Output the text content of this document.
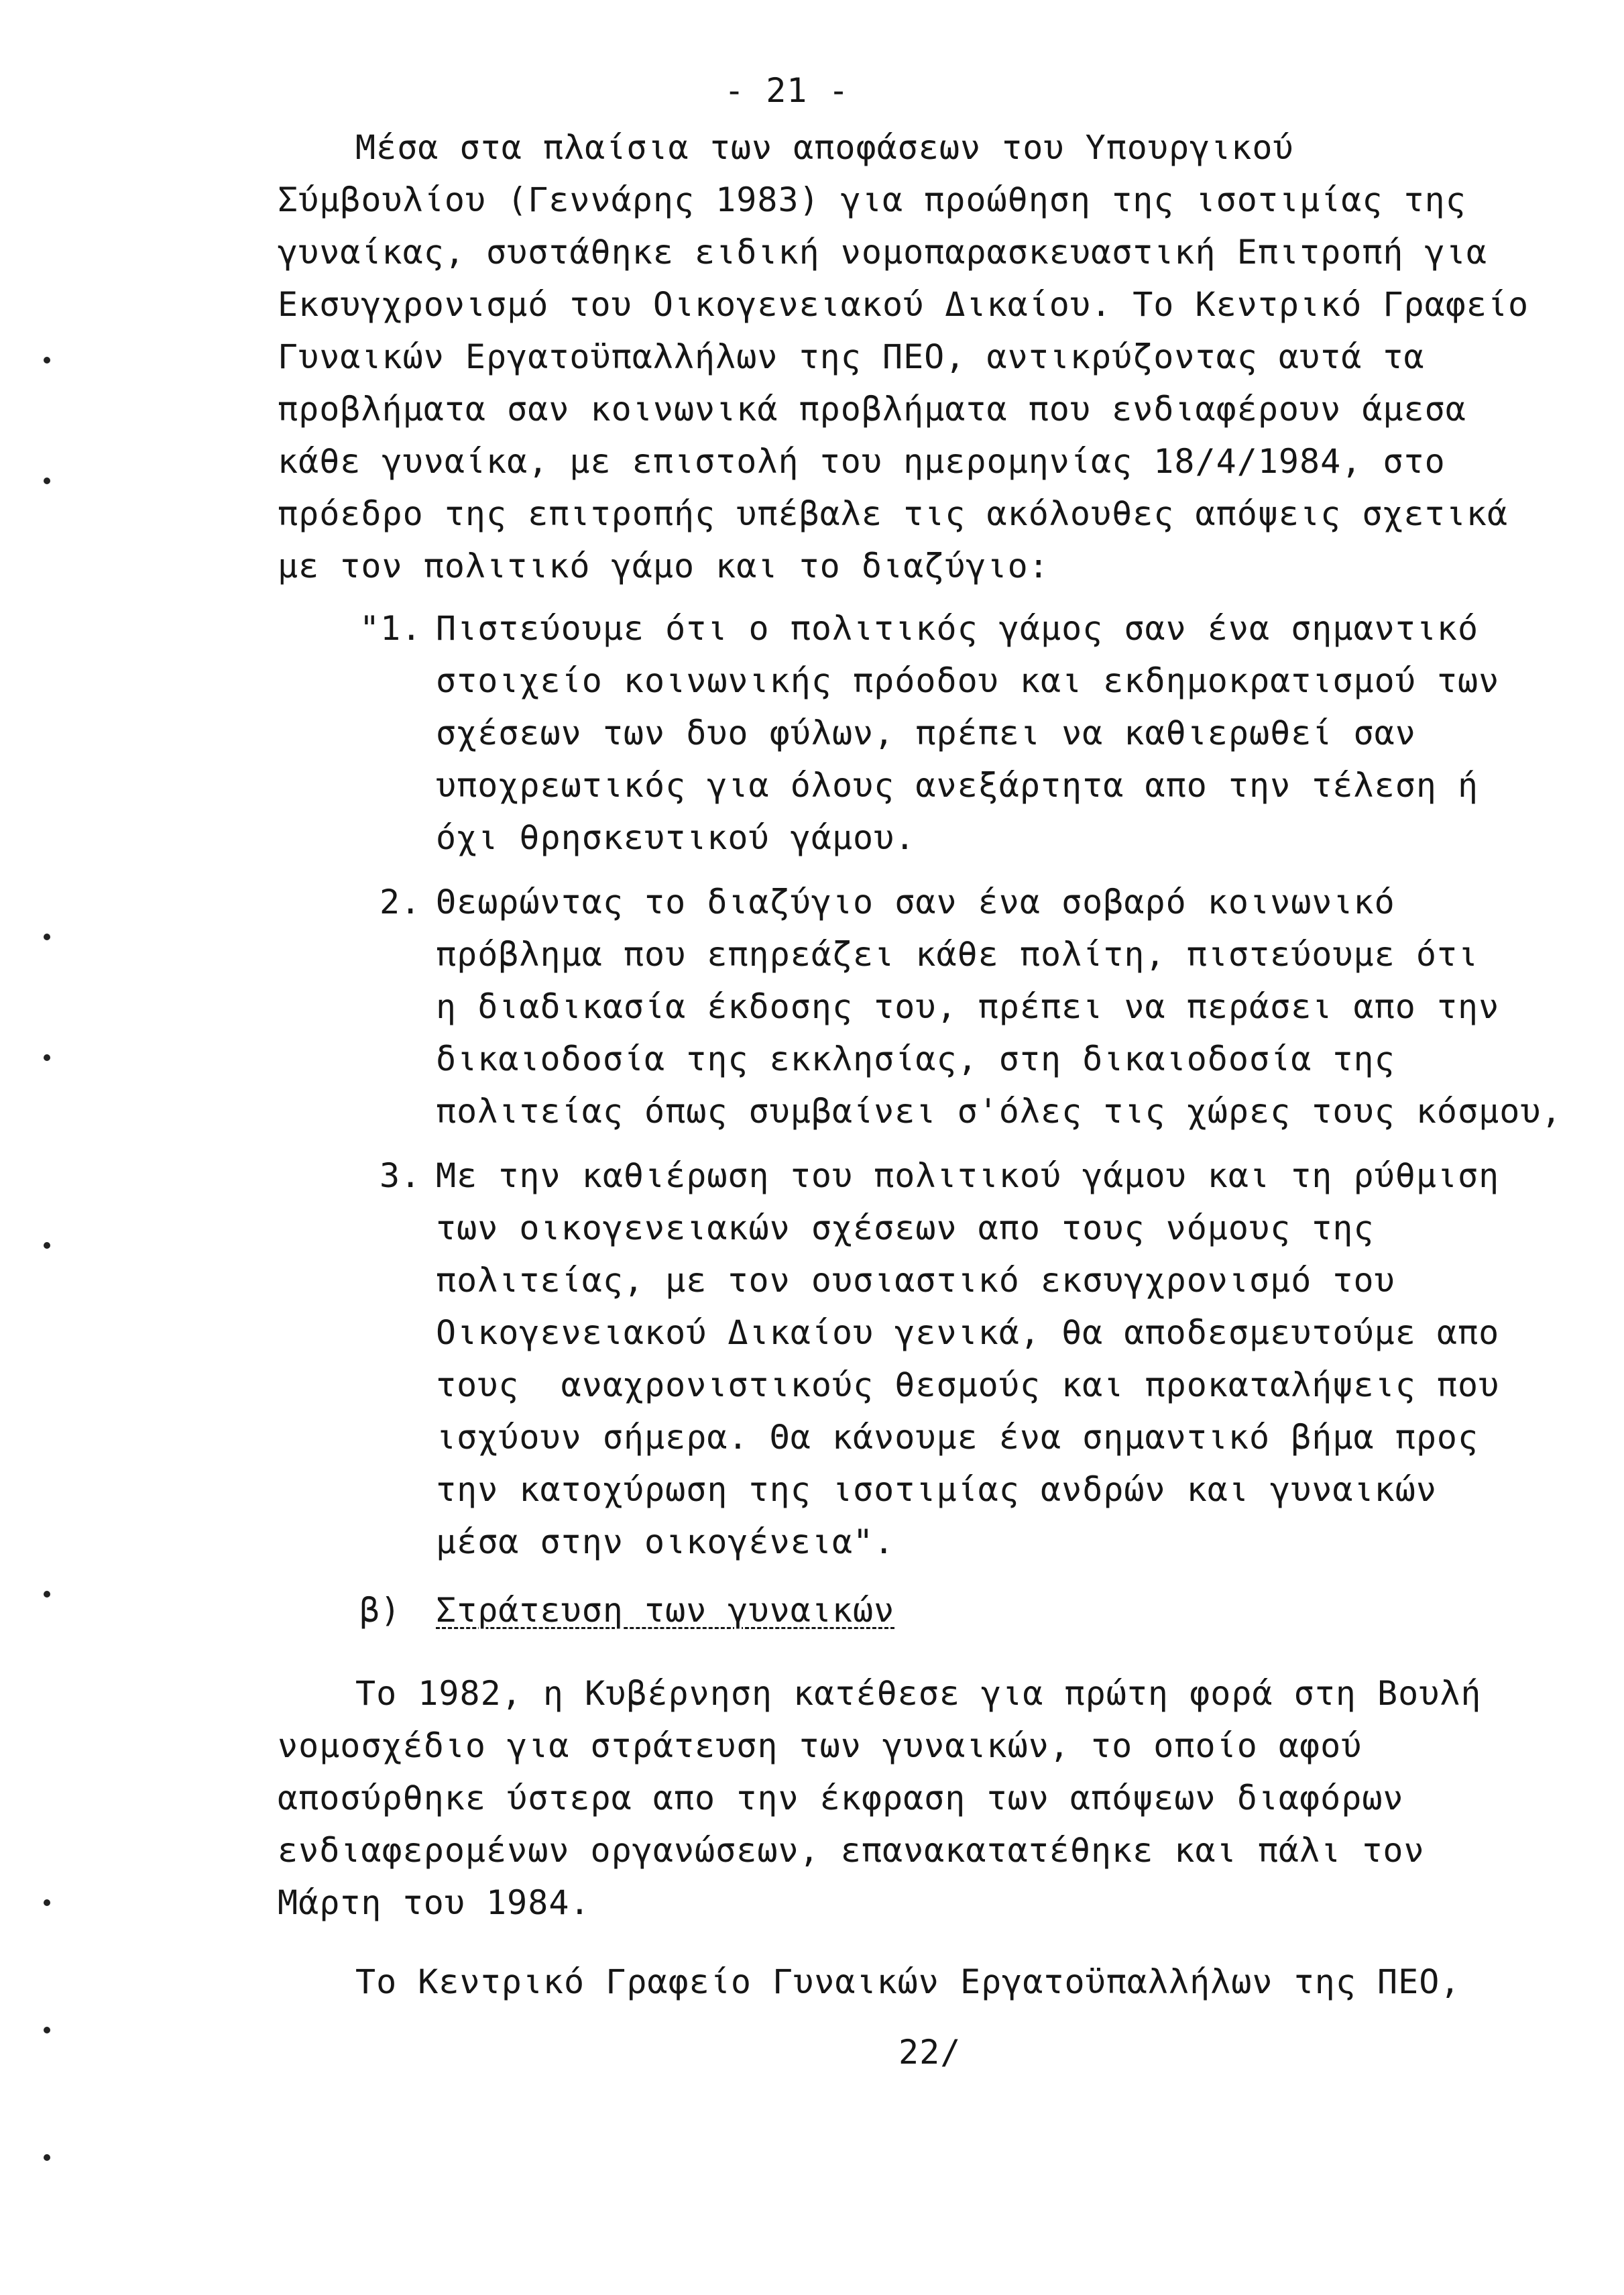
- 21 -
Μέσα στα πλαίσια των αποφάσεων του Υπουργικού
Σύμβουλίου (Γεννάρης 1983) για προώθηση της ισοτιμίας της
γυναίκας, συστάθηκε ειδική νομοπαρασκευαστική Επιτροπή για
Εκσυγχρονισμό του Οικογενειακού Δικαίου. Το Κεντρικό Γραφείο
Γυναικών Εργατοϋπαλλήλων της ΠΕΟ, αντικρύζοντας αυτά τα
προβλήματα σαν κοινωνικά προβλήματα που ενδιαφέρουν άμεσα
κάθε γυναίκα, με επιστολή του ημερομηνίας 18/4/1984, στο
πρόεδρο της επιτροπής υπέβαλε τις ακόλουθες απόψεις σχετικά
με τον πολιτικό γάμο και το διαζύγιο:
"1. Πιστεύουμε ότι ο πολιτικός γάμος σαν ένα σημαντικό
στοιχείο κοινωνικής πρόοδου και εκδημοκρατισμού των
σχέσεων των δυο φύλων, πρέπει να καθιερωθεί σαν
υποχρεωτικός για όλους ανεξάρτητα απο την τέλεση ή
όχι θρησκευτικού γάμου.
2. Θεωρώντας το διαζύγιο σαν ένα σοβαρό κοινωνικό
πρόβλημα που επηρεάζει κάθε πολίτη, πιστεύουμε ότι
η διαδικασία έκδοσης του, πρέπει να περάσει απο την
δικαιοδοσία της εκκλησίας, στη δικαιοδοσία της
πολιτείας όπως συμβαίνει σ'όλες τις χώρες τους κόσμου,
3. Με την καθιέρωση του πολιτικού γάμου και τη ρύθμιση
των οικογενειακών σχέσεων απο τους νόμους της
πολιτείας, με τον ουσιαστικό εκσυγχρονισμό του
Οικογενειακού Δικαίου γενικά, θα αποδεσμευτούμε απο
τους  αναχρονιστικούς θεσμούς και προκαταλήψεις που
ισχύουν σήμερα. Θα κάνουμε ένα σημαντικό βήμα προς
την κατοχύρωση της ισοτιμίας ανδρών και γυναικών
μέσα στην οικογένεια".
β) Στράτευση των γυναικών
Το 1982, η Κυβέρνηση κατέθεσε για πρώτη φορά στη Βουλή
νομοσχέδιο για στράτευση των γυναικών, το οποίο αφού
αποσύρθηκε ύστερα απο την έκφραση των απόψεων διαφόρων
ενδιαφερομένων οργανώσεων, επανακατατέθηκε και πάλι τον
Μάρτη του 1984.
Το Κεντρικό Γραφείο Γυναικών Εργατοϋπαλλήλων της ΠΕΟ,
22/
